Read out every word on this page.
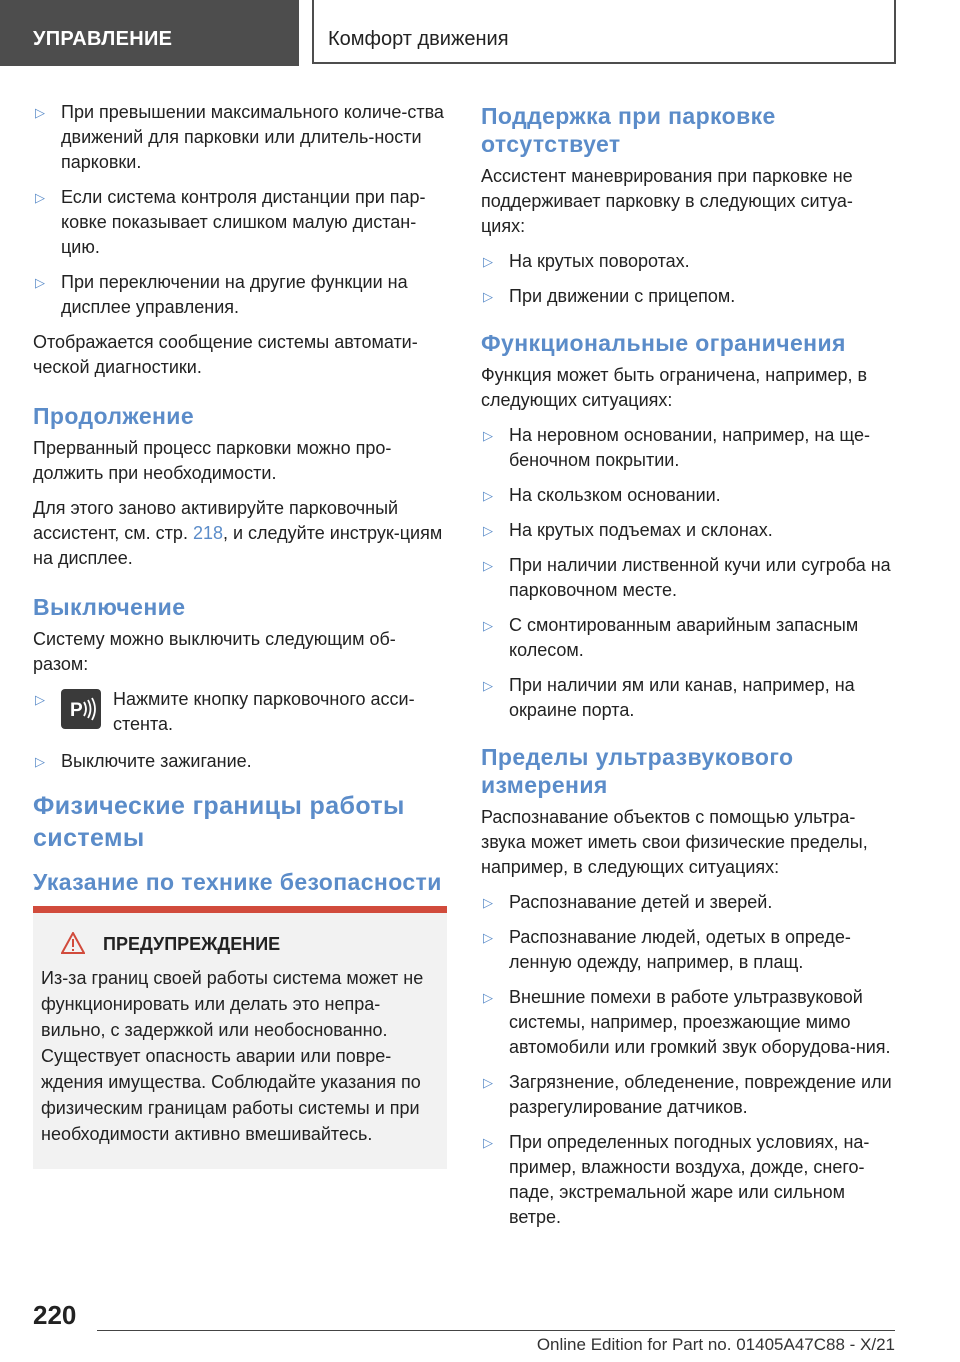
УПРАВЛЕНИЕ	Комфорт движения
▷ При превышении максимального количе-ства движений для парковки или длитель-ности парковки.
▷ Если система контроля дистанции при пар-ковке показывает слишком малую дистан-цию.
▷ При переключении на другие функции на дисплее управления.

Отображается сообщение системы автомати-ческой диагностики.

Продолжение

Прерванный процесс парковки можно про-должить при необходимости.

Для этого заново активируйте парковочный ассистент, см. стр. 218, и следуйте инструк-циям на дисплее.

Выключение

Систему можно выключить следующим об-разом:

▷
P
Нажмите кнопку парковочного асси-стента.
▷ Выключите зажигание.
Физические границы работы системы
Указание по технике безопасности
ПРЕДУПРЕЖДЕНИЕ
Из-за границ своей работы система может не функционировать или делать это непра-вильно, с задержкой или необоснованно. Существует опасность аварии или повре-ждения имущества. Соблюдайте указания по физическим границам работы системы и при необходимости активно вмешивайтесь.
Поддержка при парковке отсутствует

Ассистент маневрирования при парковке не поддерживает парковку в следующих ситуа-циях:

▷ На крутых поворотах.
▷ При движении с прицепом.
Функциональные ограничения

Функция может быть ограничена, например, в следующих ситуациях:

▷ На неровном основании, например, на ще-беночном покрытии.
▷ На скользком основании.
▷ На крутых подъемах и склонах.
▷ При наличии лиственной кучи или сугроба на парковочном месте.
▷ С смонтированным аварийным запасным колесом.
▷ При наличии ям или канав, например, на окраине порта.
Пределы ультразвукового измерения

Распознавание объектов с помощью ультра-звука может иметь свои физические пределы, например, в следующих ситуациях:

▷ Распознавание детей и зверей.
▷ Распознавание людей, одетых в опреде-ленную одежду, например, в плащ.
▷ Внешние помехи в работе ультразвуковой системы, например, проезжающие мимо автомобили или громкий звук оборудова-ния.
▷ Загрязнение, обледенение, повреждение или разрегулирование датчиков.
▷ При определенных погодных условиях, на-пример, влажности воздуха, дожде, снего-паде, экстремальной жаре или сильном ветре.
220
Online Edition for Part no. 01405A47C88 - X/21
